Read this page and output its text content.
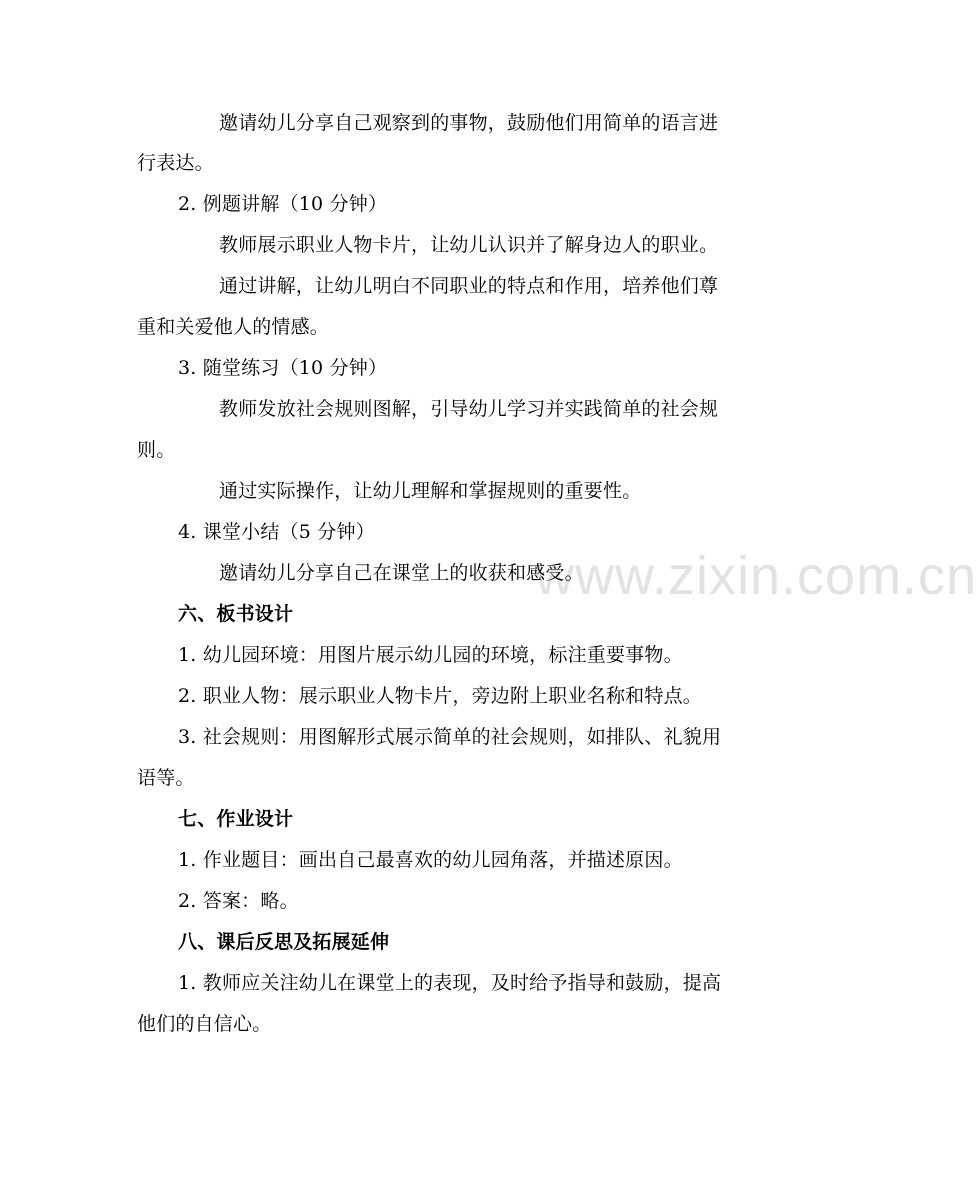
www.zixin.com.cn
邀请幼儿分享自己观察到的事物，鼓励他们用简单的语言进
行表达。
2. 例题讲解（10 分钟）
教师展示职业人物卡片，让幼儿认识并了解身边人的职业。
通过讲解，让幼儿明白不同职业的特点和作用，培养他们尊
重和关爱他人的情感。
3. 随堂练习（10 分钟）
教师发放社会规则图解，引导幼儿学习并实践简单的社会规
则。
通过实际操作，让幼儿理解和掌握规则的重要性。
4. 课堂小结（5 分钟）
邀请幼儿分享自己在课堂上的收获和感受。
六、板书设计
1. 幼儿园环境：用图片展示幼儿园的环境，标注重要事物。
2. 职业人物：展示职业人物卡片，旁边附上职业名称和特点。
3. 社会规则：用图解形式展示简单的社会规则，如排队、礼貌用
语等。
七、作业设计
1. 作业题目：画出自己最喜欢的幼儿园角落，并描述原因。
2. 答案：略。
八、课后反思及拓展延伸
1. 教师应关注幼儿在课堂上的表现，及时给予指导和鼓励，提高
他们的自信心。
